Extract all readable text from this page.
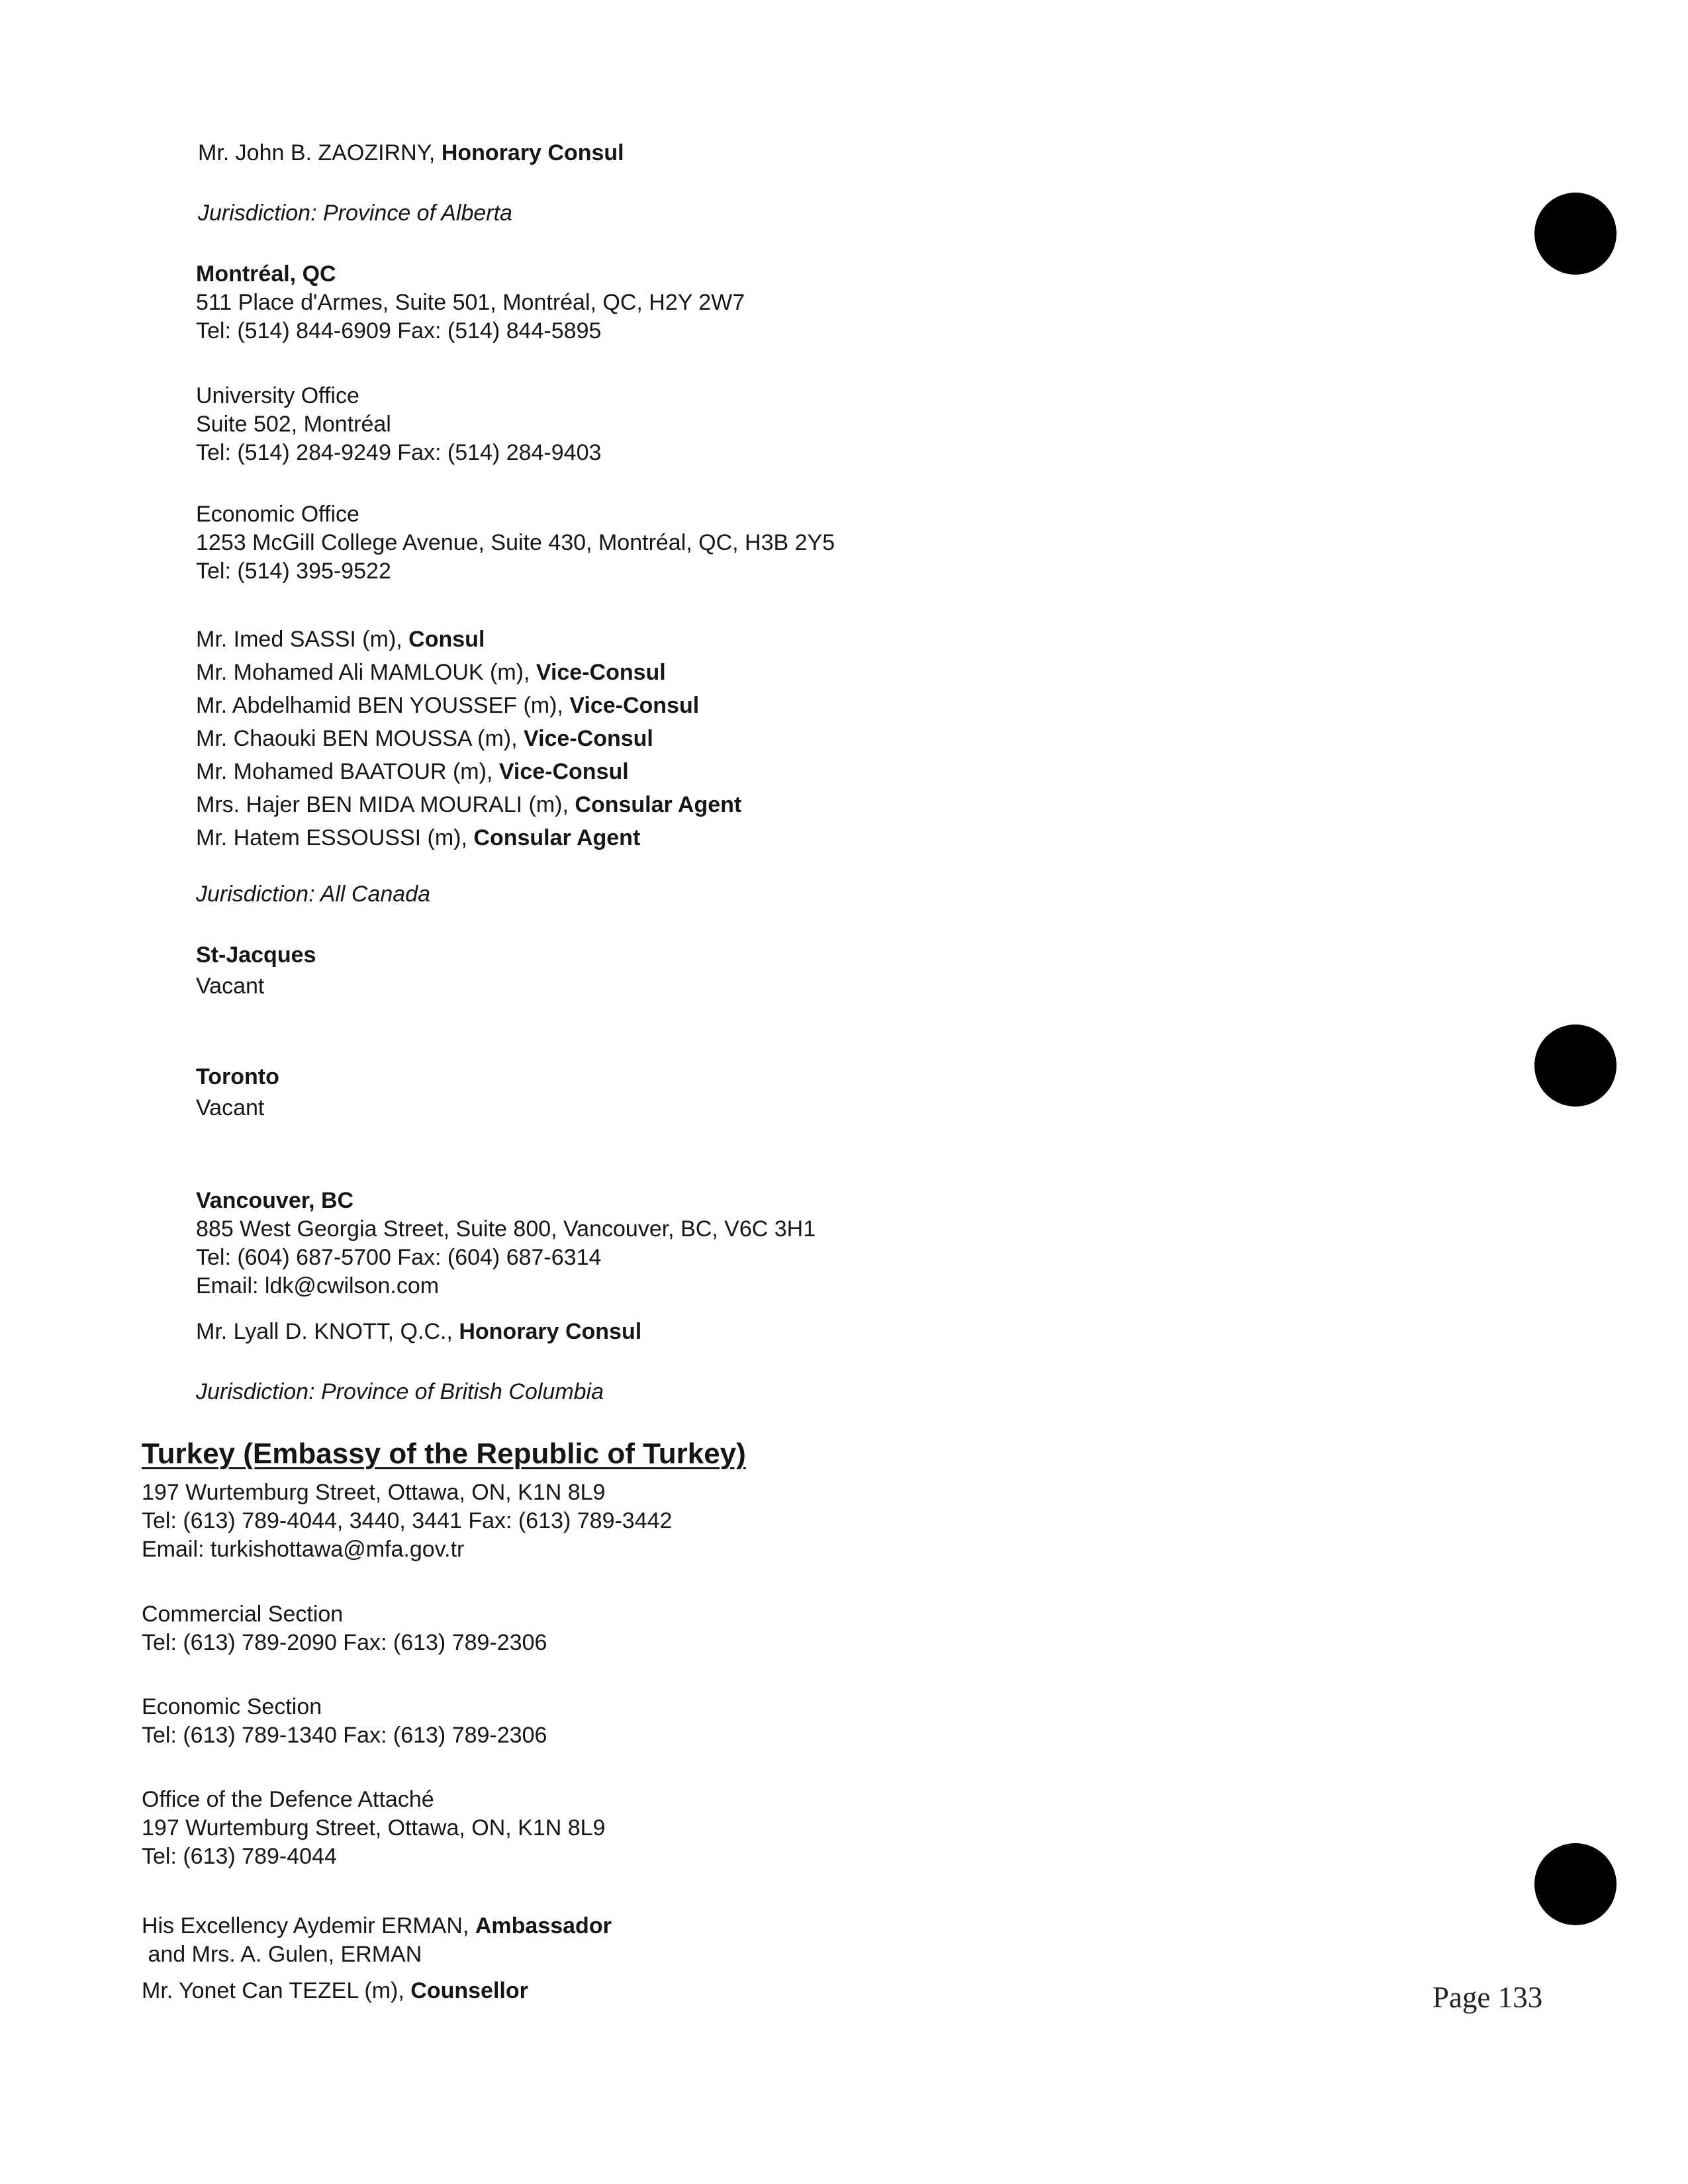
Mr. John B. ZAOZIRNY, Honorary Consul
Jurisdiction: Province of Alberta
Montréal, QC
511 Place d'Armes, Suite 501, Montréal, QC, H2Y 2W7
Tel: (514) 844-6909 Fax: (514) 844-5895
University Office
Suite 502, Montréal
Tel: (514) 284-9249 Fax: (514) 284-9403
Economic Office
1253 McGill College Avenue, Suite 430, Montréal, QC, H3B 2Y5
Tel: (514) 395-9522
Mr. Imed SASSI (m), Consul
Mr. Mohamed Ali MAMLOUK (m), Vice-Consul
Mr. Abdelhamid BEN YOUSSEF (m), Vice-Consul
Mr. Chaouki BEN MOUSSA (m), Vice-Consul
Mr. Mohamed BAATOUR (m), Vice-Consul
Mrs. Hajer BEN MIDA MOURALI (m), Consular Agent
Mr. Hatem ESSOUSSI (m), Consular Agent
Jurisdiction: All Canada
St-Jacques
Vacant
Toronto
Vacant
Vancouver, BC
885 West Georgia Street, Suite 800, Vancouver, BC, V6C 3H1
Tel: (604) 687-5700 Fax: (604) 687-6314
Email: ldk@cwilson.com
Mr. Lyall D. KNOTT, Q.C., Honorary Consul
Jurisdiction: Province of British Columbia
Turkey (Embassy of the Republic of Turkey)
197 Wurtemburg Street, Ottawa, ON, K1N 8L9
Tel: (613) 789-4044, 3440, 3441 Fax: (613) 789-3442
Email: turkishottawa@mfa.gov.tr
Commercial Section
Tel: (613) 789-2090 Fax: (613) 789-2306
Economic Section
Tel: (613) 789-1340 Fax: (613) 789-2306
Office of the Defence Attaché
197 Wurtemburg Street, Ottawa, ON, K1N 8L9
Tel: (613) 789-4044
His Excellency Aydemir ERMAN, Ambassador
and Mrs. A. Gulen, ERMAN
Mr. Yonet Can TEZEL (m), Counsellor	Page 133
